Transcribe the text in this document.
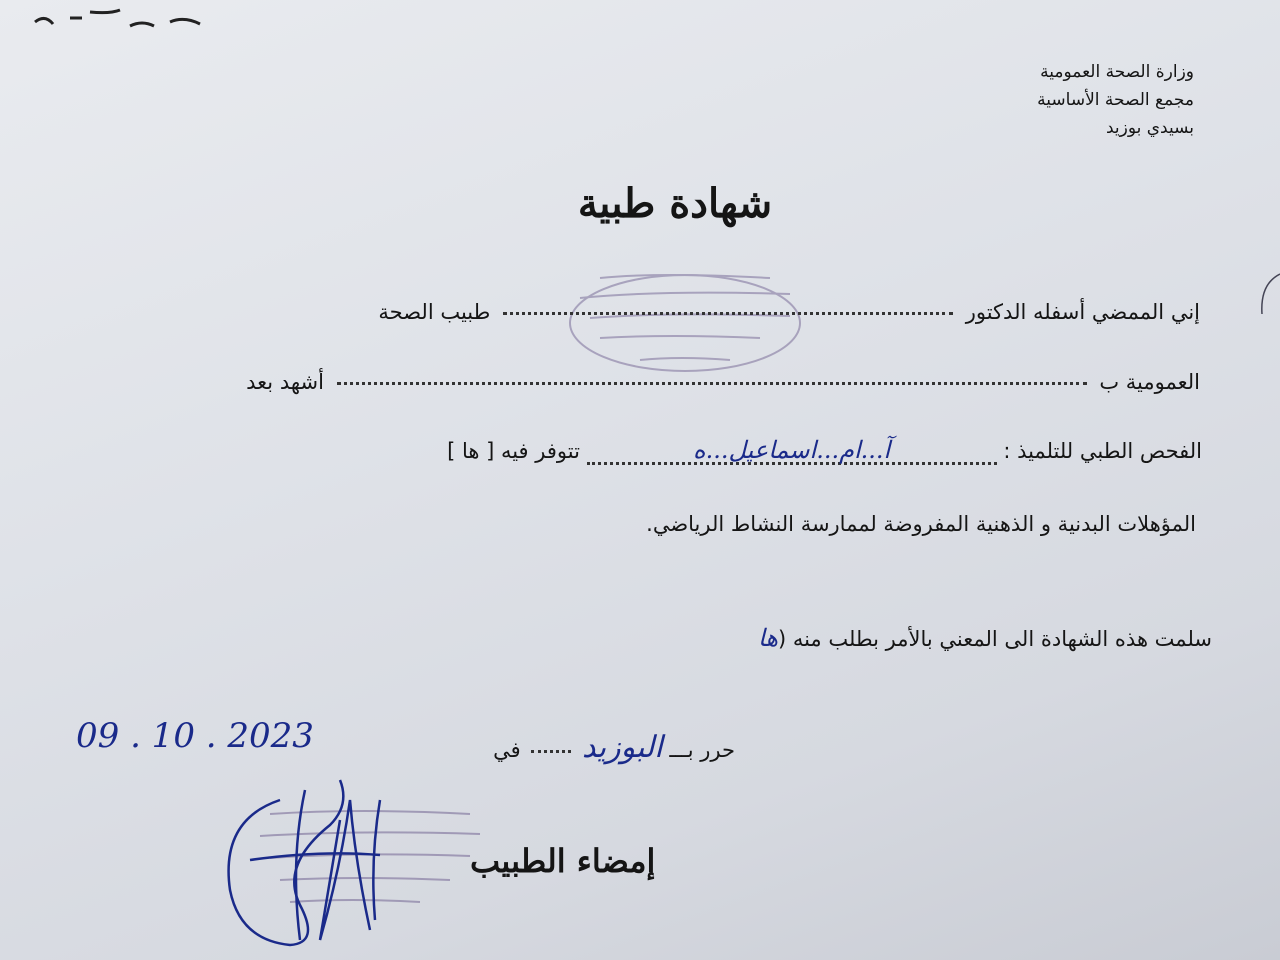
وزارة الصحة العمومية
مجمع الصحة الأساسية
بسيدي بوزيد
شهادة طبية
إني الممضي أسفله الدكتور  طبيب الصحة
العمومية ب  أشهد بعد
الفحص الطبي للتلميذ : آ...ام...اسماعيل...ه تتوفر فيه [ ها ]
المؤهلات البدنية و الذهنية المفروضة لممارسة النشاط الرياضي.
سلمت هذه الشهادة الى المعني بالأمر بطلب منه (ها
حرر بـــ البوزيد  في
09 . 10 . 2023
إمضاء الطبيب
